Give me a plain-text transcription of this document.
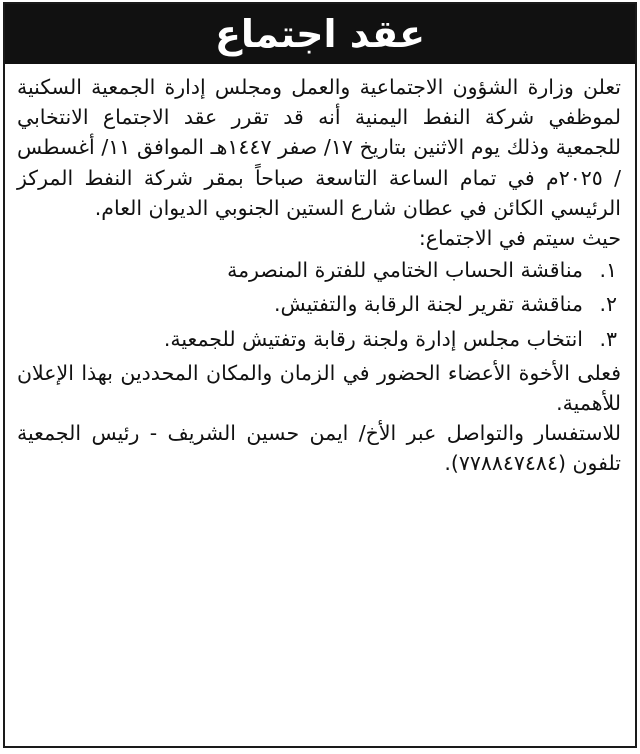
عقد اجتماع

تعلن وزارة الشؤون الاجتماعية والعمل ومجلس إدارة الجمعية السكنية لموظفي شركة النفط اليمنية أنه قد تقرر عقد الاجتماع الانتخابي للجمعية وذلك يوم الاثنين بتاريخ ١٧/ صفر ١٤٤٧هـ الموافق ١١/ أغسطس / ٢٠٢٥م في تمام الساعة التاسعة صباحاً بمقر شركة النفط المركز الرئيسي الكائن في عطان شارع الستين الجنوبي الديوان العام.

حيث سيتم في الاجتماع:

١.
مناقشة الحساب الختامي للفترة المنصرمة
٢.
مناقشة تقرير لجنة الرقابة والتفتيش.
٣.
انتخاب مجلس إدارة ولجنة رقابة وتفتيش للجمعية.

فعلى الأخوة الأعضاء الحضور في الزمان والمكان المحددين بهذا الإعلان للأهمية.

للاستفسار والتواصل عبر الأخ/ ايمن حسين الشريف - رئيس الجمعية تلفون (٧٧٨٨٤٧٤٨٤).
